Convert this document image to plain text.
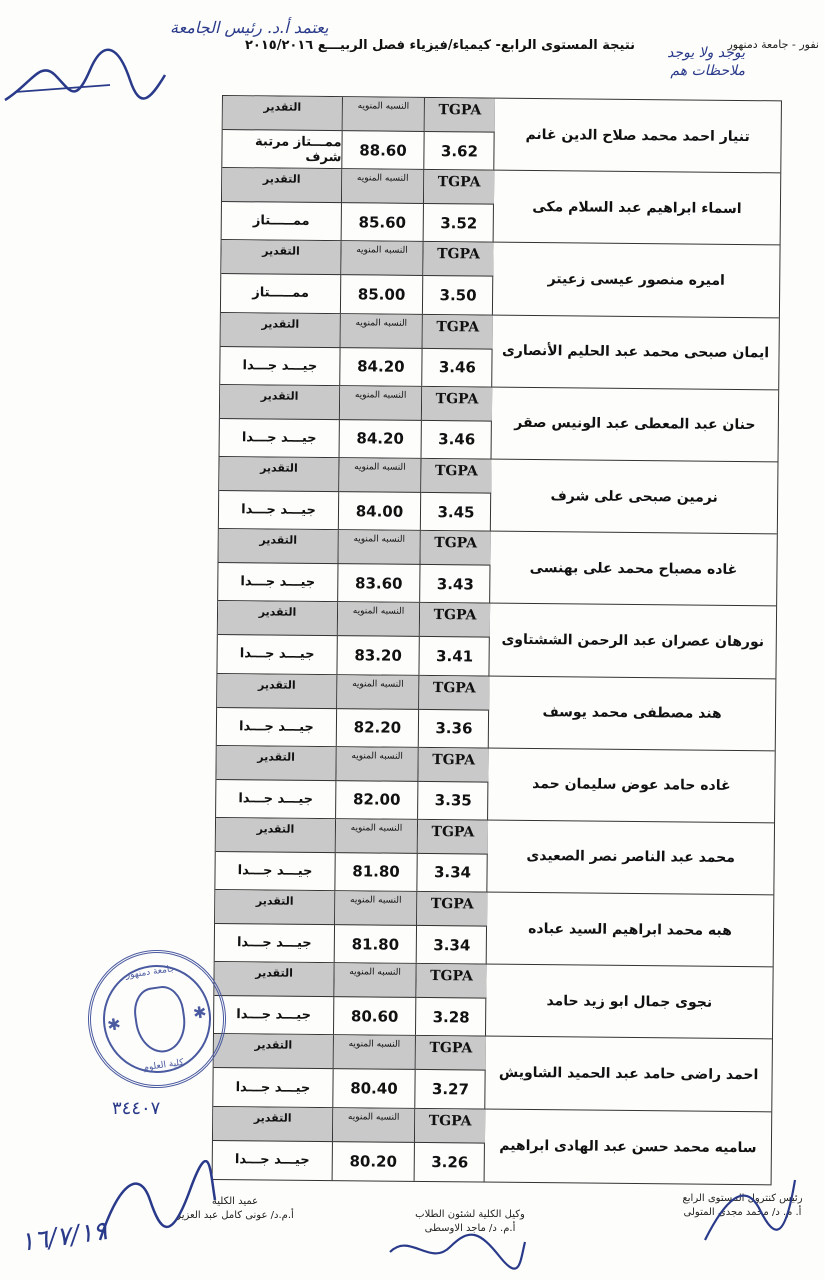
نفور - جامعة دمنهور
يعتمد أ.د. رئيس الجامعة
يوجد ولا يوجد ملاحظات هم
نتيجة المستوى الرابع- كيمياء/فيزياء فصل الربيـــع ٢٠١٥/٢٠١٦
التقدير	النسبه المنويه	TGPA
ممـــتاز مرتبة شرف	88.60	3.62
تنيار احمد محمد صلاح الدين غانم
التقدير	النسبه المنويه	TGPA
ممـــــتاز	85.60	3.52
اسماء ابراهيم عبد السلام مكى
التقدير	النسبه المنويه	TGPA
ممـــــتاز	85.00	3.50
اميره منصور عيسى زعيتر
التقدير	النسبه المنويه	TGPA
جيـــد جـــدا	84.20	3.46
ايمان صبحى محمد عبد الحليم الأنصارى
التقدير	النسبه المنويه	TGPA
جيـــد جـــدا	84.20	3.46
حنان عبد المعطى عبد الونيس صقر
التقدير	النسبه المنويه	TGPA
جيـــد جـــدا	84.00	3.45
نرمين صبحى على شرف
التقدير	النسبه المنويه	TGPA
جيـــد جـــدا	83.60	3.43
غاده مصباح محمد على بهنسى
التقدير	النسبه المنويه	TGPA
جيـــد جـــدا	83.20	3.41
نورهان عصران عبد الرحمن الششتاوى
التقدير	النسبه المنويه	TGPA
جيـــد جـــدا	82.20	3.36
هند مصطفى محمد يوسف
التقدير	النسبه المنويه	TGPA
جيـــد جـــدا	82.00	3.35
غاده حامد عوض سليمان حمد
التقدير	النسبه المنويه	TGPA
جيـــد جـــدا	81.80	3.34
محمد عبد الناصر نصر الصعيدى
التقدير	النسبه المنويه	TGPA
جيـــد جـــدا	81.80	3.34
هبه محمد ابراهيم السيد عباده
التقدير	النسبه المنويه	TGPA
جيـــد جـــدا	80.60	3.28
نجوى جمال ابو زيد حامد
التقدير	النسبه المنويه	TGPA
جيـــد جـــدا	80.40	3.27
احمد راضى حامد عبد الحميد الشاويش
التقدير	النسبه المنويه	TGPA
جيـــد جـــدا	80.20	3.26
ساميه محمد حسن عبد الهادى ابراهيم
✱
✱
جامعة دمنهور
كلية العلوم
٣٤٤٠٧
عميد الكلية
أ.م.د/ عونى كامل عبد العزيز	وكيل الكلية لشئون الطلاب
أ.م. د/ ماجد الاوسطى
رئيس كنترول المستوى الرابع
أ. م. د/ محمد مجدى المتولى
١٦/٧/١٩
